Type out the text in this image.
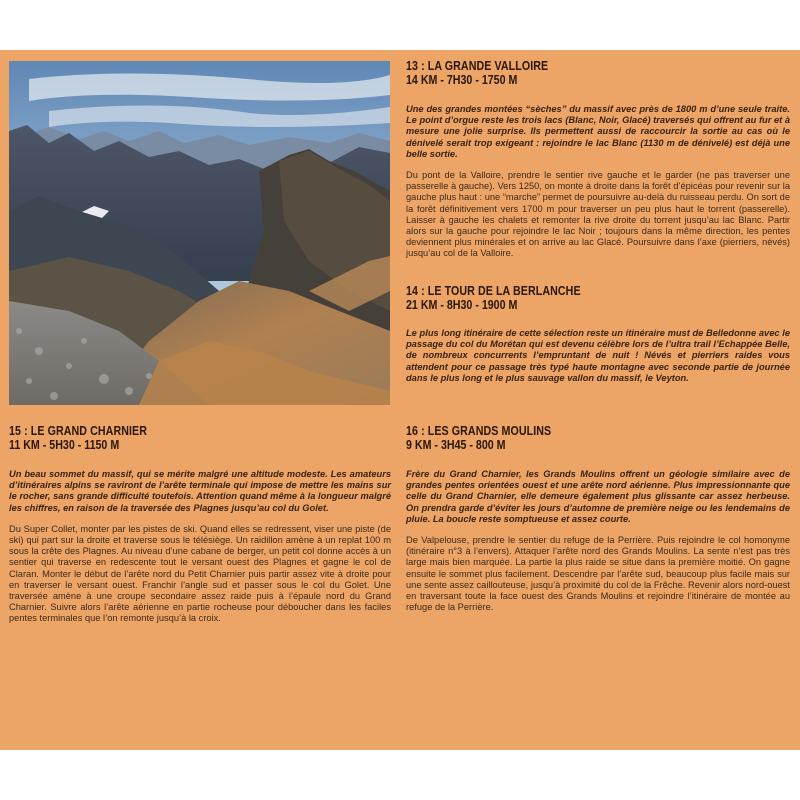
13 : LA GRANDE VALLOIRE
14 KM - 7H30 - 1750 M

Une des grandes montées “sèches” du massif avec près de 1800 m d’une seule traite. Le point d’orgue reste les trois lacs (Blanc, Noir, Glacé) traversés qui offrent au fur et à mesure une jolie surprise. Ils permettent aussi de raccourcir la sortie au cas où le dénivelé serait trop exigeant : rejoindre le lac Blanc (1130 m de dénivelé) est déjà une belle sortie.

Du pont de la Valloire, prendre le sentier rive gauche et le garder (ne pas traverser une passerelle à gauche). Vers 1250, on monte à droite dans la forêt d’épicéas pour revenir sur la gauche plus haut : une “marche” permet de poursuivre au-delà du ruisseau perdu. On sort de la forêt définitivement vers 1700 m pour traverser un peu plus haut le torrent (passerelle). Laisser à gauche les chalets et remonter la rive droite du torrent jusqu’au lac Blanc. Partir alors sur la gauche pour rejoindre le lac Noir ; toujours dans la même direction, les pentes deviennent plus minérales et on arrive au lac Glacé. Poursuivre dans l’axe (pierriers, névés) jusqu’au col de la Valloire.

14 : LE TOUR DE LA BERLANCHE
21 KM - 8H30 - 1900 M

Le plus long itinéraire de cette sélection reste un itinéraire must de Belledonne avec le passage du col du Morétan qui est devenu célèbre lors de l’ultra trail l’Echappée Belle, de nombreux concurrents l’empruntant de nuit ! Névés et pierriers raides vous attendent pour ce passage très typé haute montagne avec seconde partie de journée dans le plus long et le plus sauvage vallon du massif, le Veyton.

15 : LE GRAND CHARNIER
11 KM - 5H30 - 1150 M

Un beau sommet du massif, qui se mérite malgré une altitude modeste. Les amateurs d’itinéraires alpins se raviront de l’arête terminale qui impose de mettre les mains sur le rocher, sans grande difficulté toutefois. Attention quand même à la longueur malgré les chiffres, en raison de la traversée des Plagnes jusqu’au col du Golet.

Du Super Collet, monter par les pistes de ski. Quand elles se redressent, viser une piste (de ski) qui part sur la droite et traverse sous le télésiège. Un raidillon amène à un replat 100 m sous la crête des Plagnes. Au niveau d’une cabane de berger, un petit col donne accès à un sentier qui traverse en redescente tout le versant ouest des Plagnes et gagne le col de Claran. Monter le début de l’arête nord du Petit Charnier puis partir assez vite à droite pour en traverser le versant ouest. Franchir l’angle sud et passer sous le col du Golet. Une traversée amène à une croupe secondaire assez raide puis à l’épaule nord du Grand Charnier. Suivre alors l’arête aérienne en partie rocheuse pour déboucher dans les faciles pentes terminales que l’on remonte jusqu’à la croix.

16 : LES GRANDS MOULINS
9 KM - 3H45 - 800 M

Frère du Grand Charnier, les Grands Moulins offrent un géologie similaire avec de grandes pentes orientées ouest et une arête nord aérienne. Plus impressionnante que celle du Grand Charnier, elle demeure également plus glissante car assez herbeuse. On prendra garde d’éviter les jours d’automne de première neige ou les lendemains de pluie. La boucle reste somptueuse et assez courte.

De Valpelouse, prendre le sentier du refuge de la Perrière. Puis rejoindre le col homonyme (itinéraire n°3 à l’envers). Attaquer l’arête nord des Grands Moulins. La sente n’est pas très large mais bien marquée. La partie la plus raide se situe dans la première moitié. On gagne ensuite le sommet plus facilement. Descendre par l’arête sud, beaucoup plus facile mais sur une sente assez caillouteuse, jusqu’à proximité du col de la Frêche. Revenir alors nord-ouest en traversant toute la face ouest des Grands Moulins et rejoindre l’itinéraire de montée au refuge de la Perrière.
